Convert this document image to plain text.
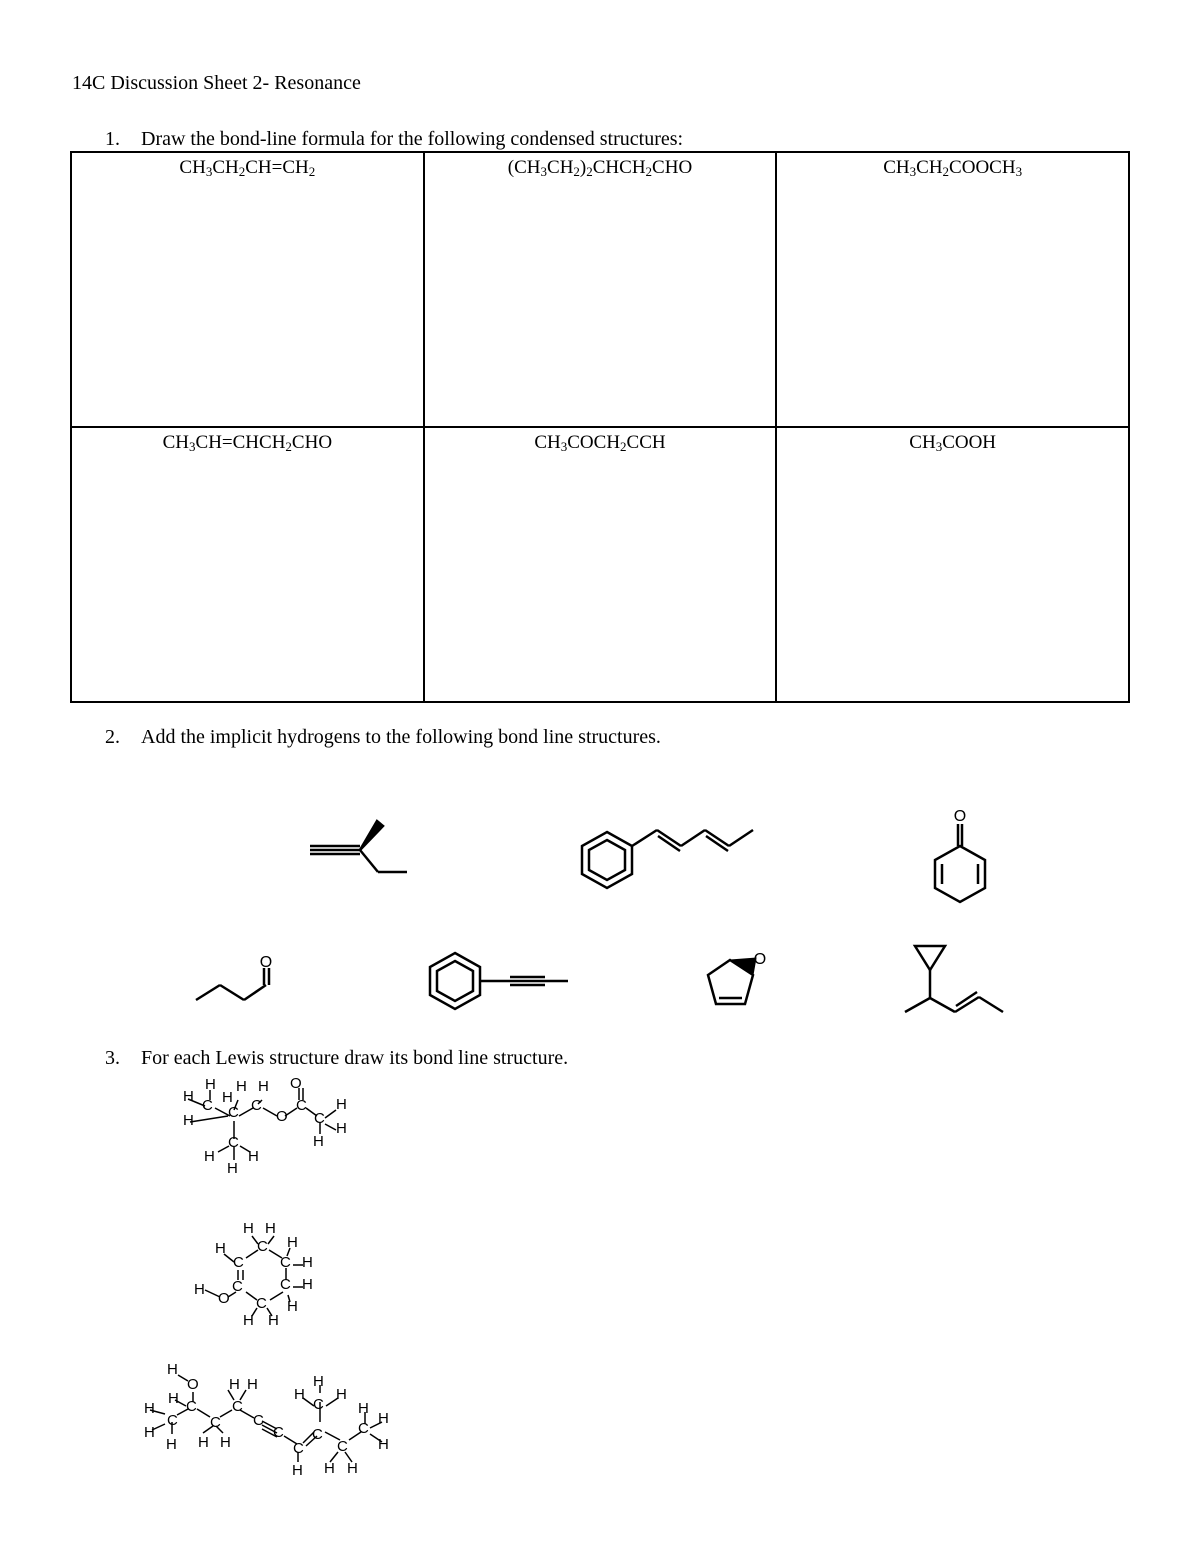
14C Discussion Sheet 2- Resonance
1. Draw the bond-line formula for the following condensed structures:
$CH_3CH_2CH=CH_2$	$(CH_3CH_2)_2CHCH_2CHO$	$CH_3CH_2COOCH_3$
$CH_3CH=CHCH_2CHO$	$CH_3COCH_2CCH$	$CH_3COOH$
2. Add the implicit hydrogens to the following bond line structures.
O
O	O
3. For each Lewis structure draw its bond line structure.
H
H
C H
H H O
H C C
O
C H
C
H
H
C
H H
H
H H
H
H C
C C H
C C H
H
O C H
H H
H
O H H
H
H
H
H C C
H
C C C
C H
H
C	C
C
H
H H H	C C H
H H H
